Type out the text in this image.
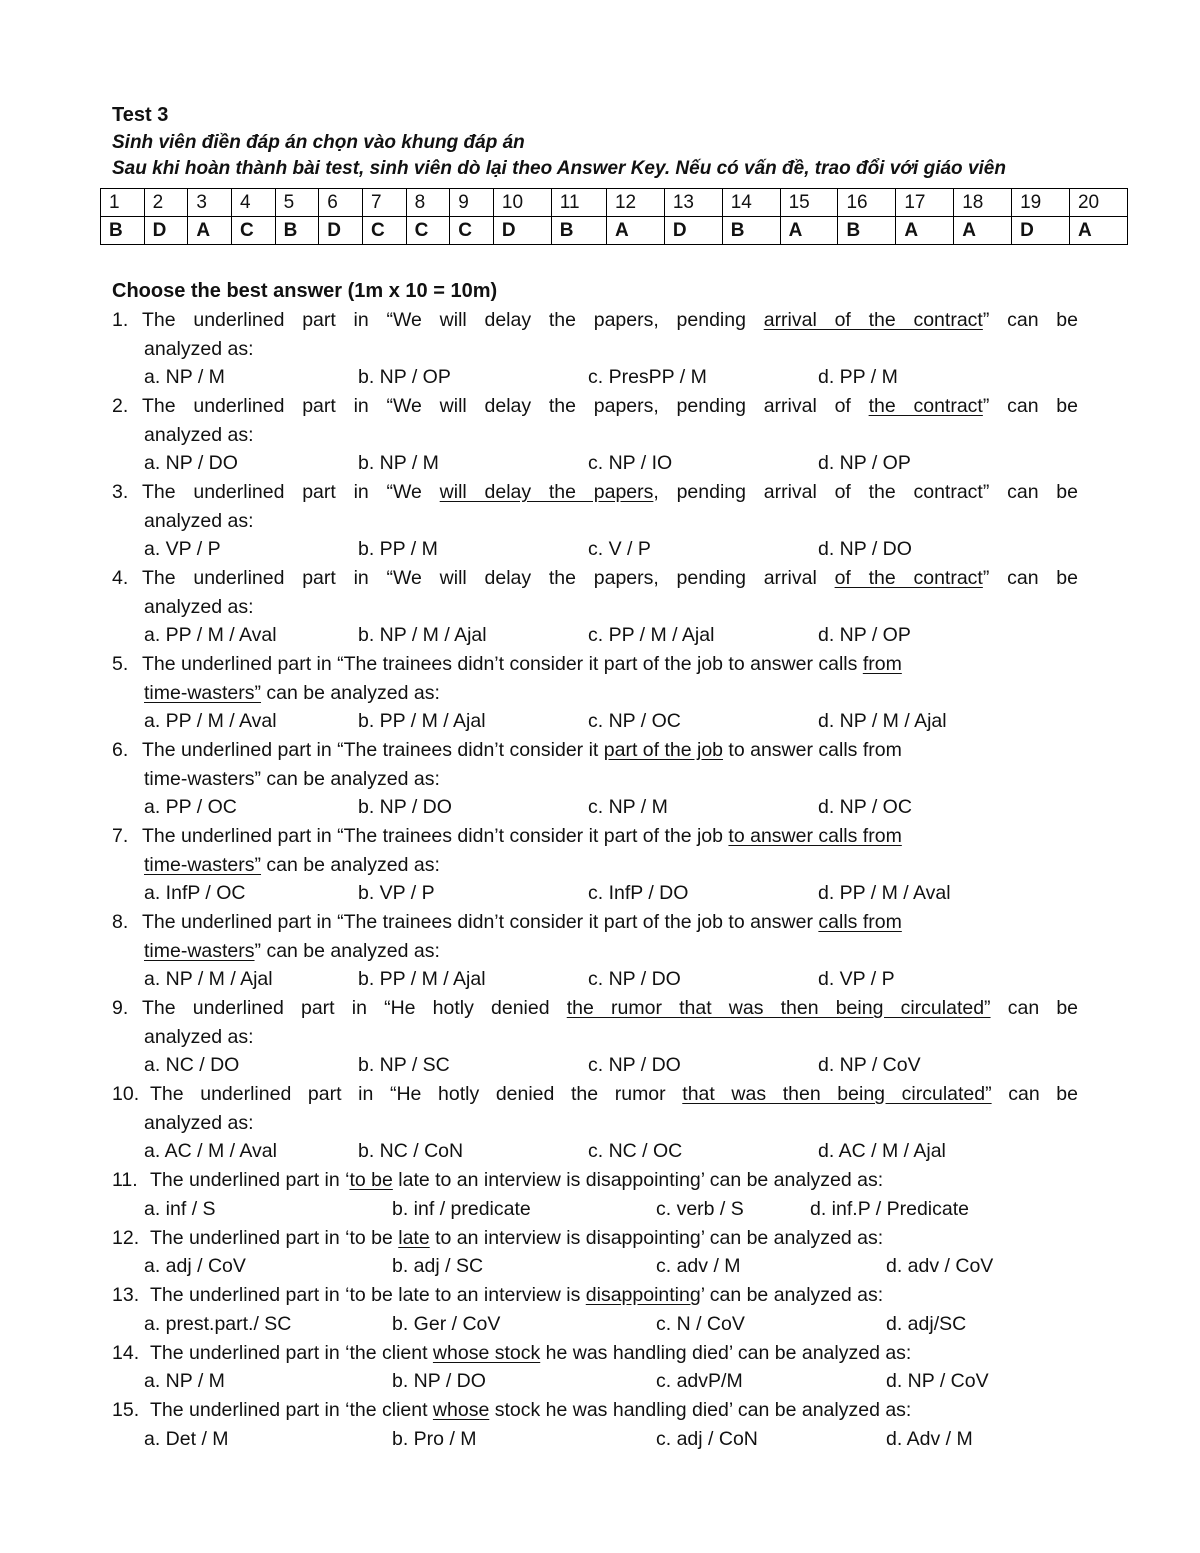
Test 3
Sinh viên điền đáp án chọn vào khung đáp án
Sau khi hoàn thành bài test, sinh viên dò lại theo Answer Key. Nếu có vấn đề, trao đổi với giáo viên
1	2	3	4	5	6	7	8	9	10	11	12	13	14	15	16	17	18	19	20
B	D	A	C	B	D	C	C	C	D	B	A	D	B	A	B	A	A	D	A
Choose the best answer (1m x 10 = 10m)
1. The underlined part in “We will delay the papers, pending arrival of the contract” can be
analyzed as:
a. NP / M	b. NP / OP	c. PresPP / M	d. PP / M
2. The underlined part in “We will delay the papers, pending arrival of the contract” can be
analyzed as:
a. NP / DO	b. NP / M	c. NP / IO	d. NP / OP
3. The underlined part in “We will delay the papers, pending arrival of the contract” can be
analyzed as:
a. VP / P	b. PP / M	c. V / P	d. NP / DO
4. The underlined part in “We will delay the papers, pending arrival of the contract” can be
analyzed as:
a. PP / M / Aval	b. NP / M / Ajal	c. PP / M / Ajal	d. NP / OP
5. The underlined part in “The trainees didn’t consider it part of the job to answer calls from
time-wasters” can be analyzed as:
a. PP / M / Aval	b. PP / M / Ajal	c. NP / OC	d. NP / M / Ajal
6. The underlined part in “The trainees didn’t consider it part of the job to answer calls from
time-wasters” can be analyzed as:
a. PP / OC	b. NP / DO	c. NP / M	d. NP / OC
7. The underlined part in “The trainees didn’t consider it part of the job to answer calls from
time-wasters” can be analyzed as:
a. InfP / OC	b. VP / P	c. InfP / DO	d. PP / M / Aval
8. The underlined part in “The trainees didn’t consider it part of the job to answer calls from
time-wasters” can be analyzed as:
a. NP / M / Ajal	b. PP / M / Ajal	c. NP / DO	d. VP / P
9. The underlined part in “He hotly denied the rumor that was then being circulated” can be
analyzed as:
a. NC / DO	b. NP / SC	c. NP / DO	d. NP / CoV
10. The underlined part in “He hotly denied the rumor that was then being circulated” can be
analyzed as:
a. AC / M / Aval	b. NC / CoN	c. NC / OC	d. AC / M / Ajal
11. The underlined part in ‘to be late to an interview is disappointing’ can be analyzed as:
a. inf / S	b. inf / predicate	c. verb / S	d. inf.P / Predicate
12. The underlined part in ‘to be late to an interview is disappointing’ can be analyzed as:
a. adj / CoV	b. adj / SC	c. adv / M	d. adv / CoV
13. The underlined part in ‘to be late to an interview is disappointing’ can be analyzed as:
a. prest.part./ SC	b. Ger / CoV	c. N / CoV	d. adj/SC
14. The underlined part in ‘the client whose stock he was handling died’ can be analyzed as:
a. NP / M	b. NP / DO	c. advP/M	d. NP / CoV
15. The underlined part in ‘the client whose stock he was handling died’ can be analyzed as:
a. Det / M	b. Pro / M	c. adj / CoN	d. Adv / M
